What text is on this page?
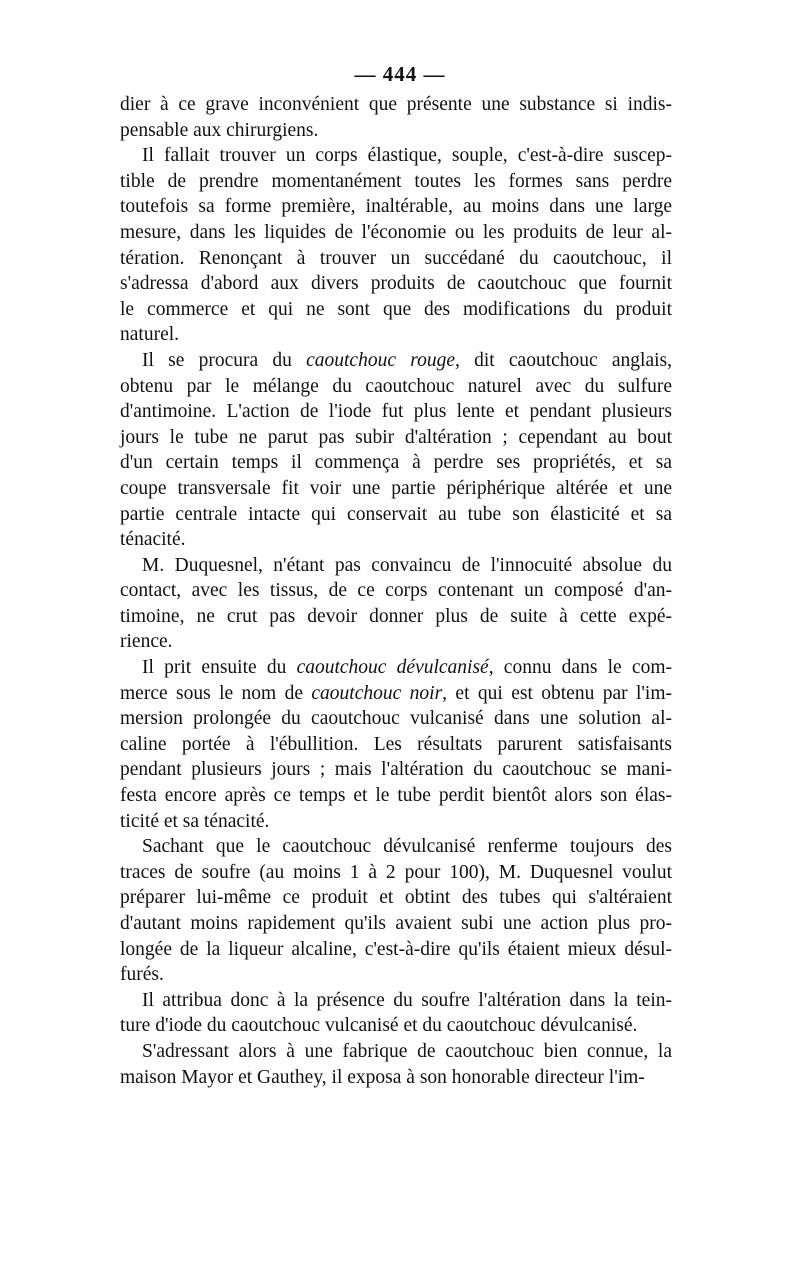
— 444 —
dier à ce grave inconvénient que présente une substance si indis-
pensable aux chirurgiens.
Il fallait trouver un corps élastique, souple, c'est-à-dire suscep-
tible de prendre momentanément toutes les formes sans perdre
toutefois sa forme première, inaltérable, au moins dans une large
mesure, dans les liquides de l'économie ou les produits de leur al-
tération. Renonçant à trouver un succédané du caoutchouc, il
s'adressa d'abord aux divers produits de caoutchouc que fournit
le commerce et qui ne sont que des modifications du produit
naturel.
Il se procura du caoutchouc rouge, dit caoutchouc anglais,
obtenu par le mélange du caoutchouc naturel avec du sulfure
d'antimoine. L'action de l'iode fut plus lente et pendant plusieurs
jours le tube ne parut pas subir d'altération ; cependant au bout
d'un certain temps il commença à perdre ses propriétés, et sa
coupe transversale fit voir une partie périphérique altérée et une
partie centrale intacte qui conservait au tube son élasticité et sa
ténacité.
M. Duquesnel, n'étant pas convaincu de l'innocuité absolue du
contact, avec les tissus, de ce corps contenant un composé d'an-
timoine, ne crut pas devoir donner plus de suite à cette expé-
rience.
Il prit ensuite du caoutchouc dévulcanisé, connu dans le com-
merce sous le nom de caoutchouc noir, et qui est obtenu par l'im-
mersion prolongée du caoutchouc vulcanisé dans une solution al-
caline portée à l'ébullition. Les résultats parurent satisfaisants
pendant plusieurs jours ; mais l'altération du caoutchouc se mani-
festa encore après ce temps et le tube perdit bientôt alors son élas-
ticité et sa ténacité.
Sachant que le caoutchouc dévulcanisé renferme toujours des
traces de soufre (au moins 1 à 2 pour 100), M. Duquesnel voulut
préparer lui-même ce produit et obtint des tubes qui s'altéraient
d'autant moins rapidement qu'ils avaient subi une action plus pro-
longée de la liqueur alcaline, c'est-à-dire qu'ils étaient mieux désul-
furés.
Il attribua donc à la présence du soufre l'altération dans la tein-
ture d'iode du caoutchouc vulcanisé et du caoutchouc dévulcanisé.
S'adressant alors à une fabrique de caoutchouc bien connue, la
maison Mayor et Gauthey, il exposa à son honorable directeur l'im-
